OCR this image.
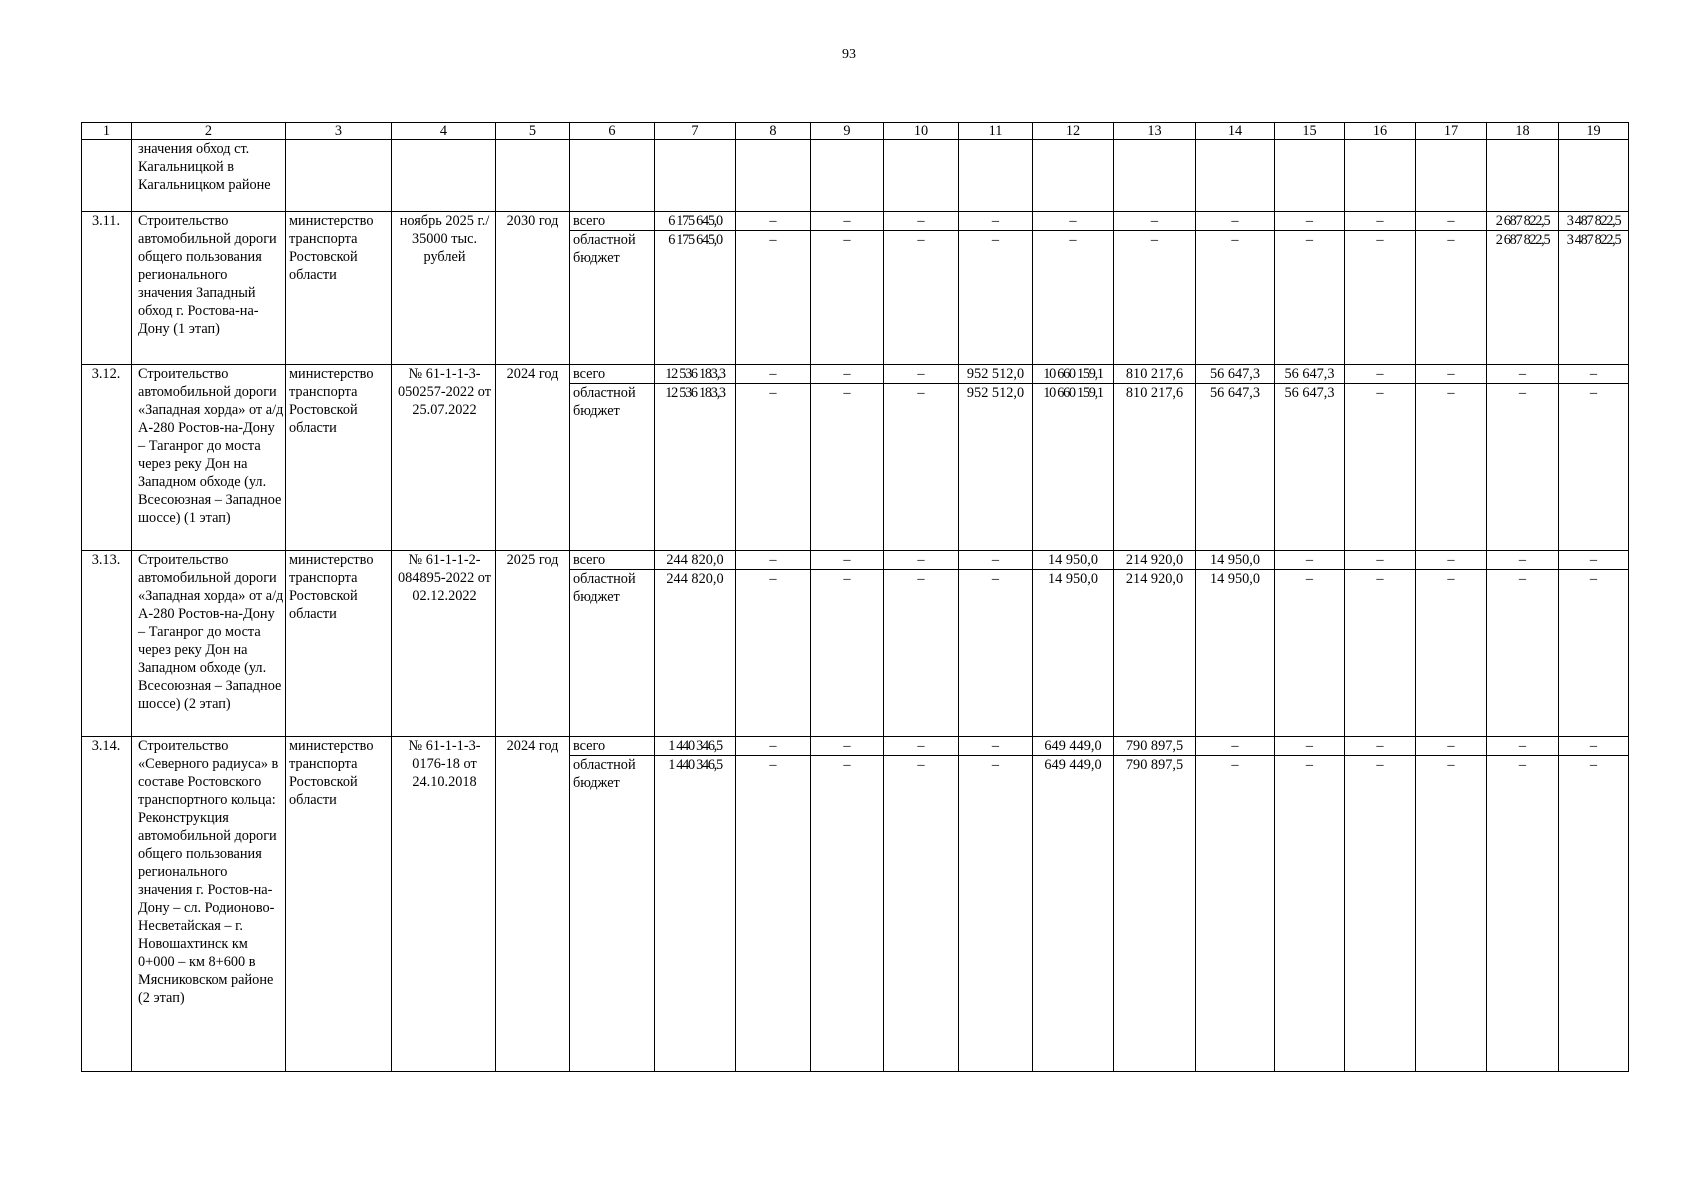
93
1	2	3	4	5	6	7	8	9	10	11	12	13	14	15	16	17	18	19
	значения обход ст. Кагальницкой в Кагальницком районе																	
3.11.	Строительство автомобильной дороги общего пользования регионального значения Западный обход г. Ростова-на-Дону (1 этап)	министерство транспорта Ростовской области	ноябрь 2025 г./ 35000 тыс. рублей	2030 год	всего	6 175 645,0	–	–	–	–	–	–	–	–	–	–	2 687 822,5	3 487 822,5
					областной бюджет	6 175 645,0	–	–	–	–	–	–	–	–	–	–	2 687 822,5	3 487 822,5
3.12.	Строительство автомобильной дороги «Западная хорда» от а/д А-280 Ростов-на-Дону – Таганрог до моста через реку Дон на Западном обходе (ул. Всесоюзная – Западное шоссе) (1 этап)	министерство транспорта Ростовской области	№ 61-1-1-3-050257-2022 от 25.07.2022	2024 год	всего	12 536 183,3	–	–	–	952 512,0	10 660 159,1	810 217,6	56 647,3	56 647,3	–	–	–	–
					областной бюджет	12 536 183,3	–	–	–	952 512,0	10 660 159,1	810 217,6	56 647,3	56 647,3	–	–	–	–
3.13.	Строительство автомобильной дороги «Западная хорда» от а/д А-280 Ростов-на-Дону – Таганрог до моста через реку Дон на Западном обходе (ул. Всесоюзная – Западное шоссе) (2 этап)	министерство транспорта Ростовской области	№ 61-1-1-2-084895-2022 от 02.12.2022	2025 год	всего	244 820,0	–	–	–	–	14 950,0	214 920,0	14 950,0	–	–	–	–	–
					областной бюджет	244 820,0	–	–	–	–	14 950,0	214 920,0	14 950,0	–	–	–	–	–
3.14.	Строительство «Северного радиуса» в составе Ростовского транспортного кольца: Реконструкция автомобильной дороги общего пользования регионального значения г. Ростов-на-Дону – сл. Родионово-Несветайская – г. Новошахтинск км 0+000 – км 8+600 в Мясниковском районе (2 этап)	министерство транспорта Ростовской области	№ 61-1-1-3-0176-18 от 24.10.2018	2024 год	всего	1 440 346,5	–	–	–	–	649 449,0	790 897,5	–	–	–	–	–	–
					областной бюджет	1 440 346,5	–	–	–	–	649 449,0	790 897,5	–	–	–	–	–	–
